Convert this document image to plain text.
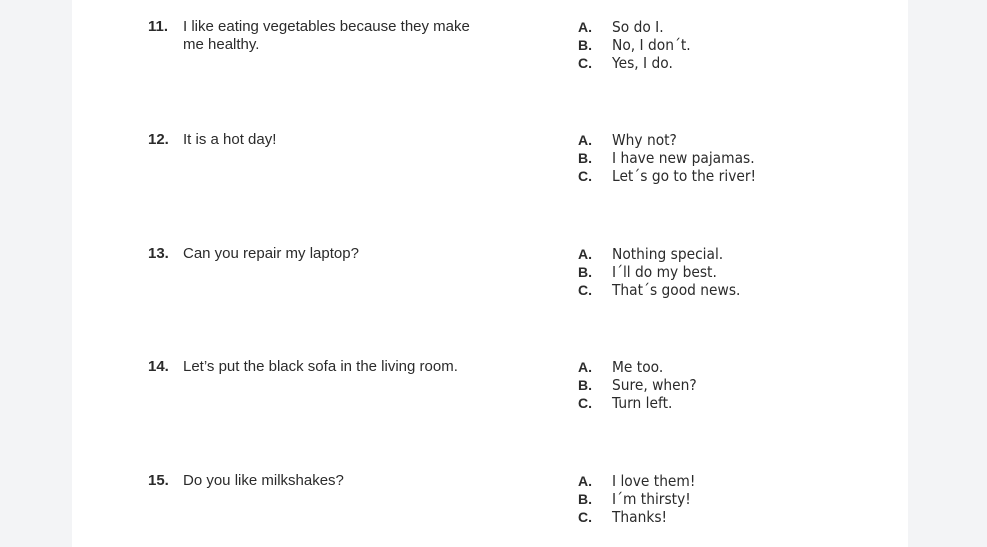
11. I like eating vegetables because they make me healthy.
A. So do I.
B. No, I don´t.
C. Yes, I do.
12. It is a hot day!	A. Why not?
B. I have new pajamas.
C. Let´s go to the river!
13. Can you repair my laptop?	A. Nothing special.
B. I´ll do my best.
C. That´s good news.
14. Let’s put the black sofa in the living room.	A. Me too.
B. Sure, when?
C. Turn left.
15. Do you like milkshakes?	A. I love them!
B. I´m thirsty!
C. Thanks!
